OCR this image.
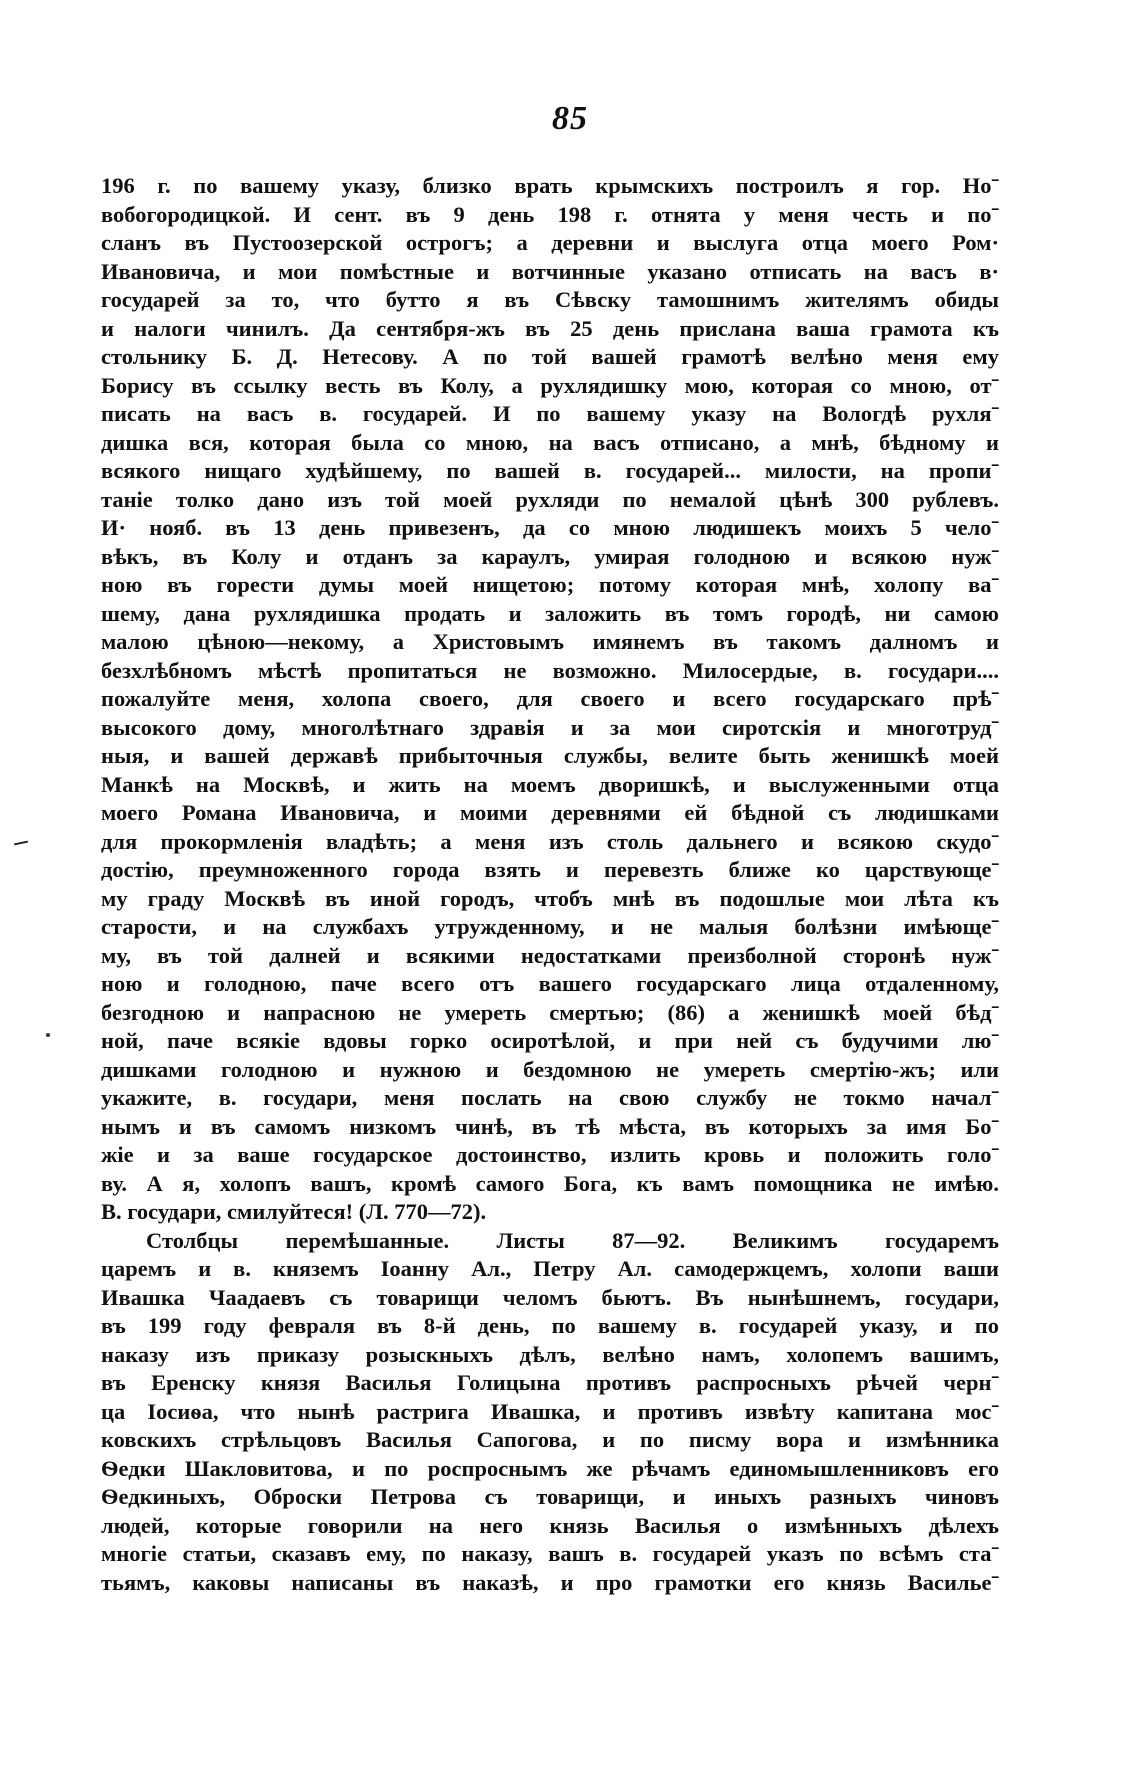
85
196 г. по вашему указу, близко врать крымскихъ построилъ я гор. Ноˉ
вобогородицкой. И сент. въ 9 день 198 г. отнята у меня честь и поˉ
сланъ въ Пустоозерской острогъ; а деревни и выслуга отца моего Ром·
Ивановича, и мои помѣстные и вотчинные указано отписать на васъ в·
государей за то, что бутто я въ Сѣвску тамошнимъ жителямъ обиды
и налоги чинилъ. Да сентября-жъ въ 25 день прислана ваша грамота къ
стольнику Б. Д. Нетесову. А по той вашей грамотѣ велѣно меня ему
Борису въ ссылку весть въ Колу, а рухлядишку мою, которая со мною, отˉ
писать на васъ в. государей. И по вашему указу на Вологдѣ рухляˉ
дишка вся, которая была со мною, на васъ отписано, а мнѣ, бѣдному и
всякого нищаго худѣйшему, по вашей в. государей... милости, на пропиˉ
таніе толко дано изъ той моей рухляди по немалой цѣнѣ 300 рублевъ.
И· нояб. въ 13 день привезенъ, да со мною людишекъ моихъ 5 челоˉ
вѣкъ, въ Колу и отданъ за караулъ, умирая голодною и всякою нужˉ
ною въ горести думы моей нищетою; потому которая мнѣ, холопу ваˉ
шему, дана рухлядишка продать и заложить въ томъ городѣ, ни самою
малою цѣною—некому, а Христовымъ имянемъ въ такомъ далномъ и
безхлѣбномъ мѣстѣ пропитаться не возможно. Милосердые, в. государи....
пожалуйте меня, холопа своего, для своего и всего государскаго прѣˉ
высокого дому, многолѣтнаго здравія и за мои сиротскія и многотрудˉ
ныя, и вашей державѣ прибыточныя службы, велите быть женишкѣ моей
Манкѣ на Москвѣ, и жить на моемъ дворишкѣ, и выслуженными отца
моего Романа Ивановича, и моими деревнями ей бѣдной съ людишками
для прокормленія владѣть; а меня изъ столь дальнего и всякою скудоˉ
достію, преумноженного города взять и перевезть ближе ко царствующеˉ
му граду Москвѣ въ иной городъ, чтобъ мнѣ въ подошлые мои лѣта къ
старости, и на службахъ утружденному, и не малыя болѣзни имѣющеˉ
му, въ той далней и всякими недостатками преизболной сторонѣ нужˉ
ною и голодною, паче всего отъ вашего государскаго лица отдаленному,
безгодною и напрасною не умереть смертью; (86) а женишкѣ моей бѣдˉ
ной, паче всякіе вдовы горко осиротѣлой, и при ней съ будучими люˉ
дишками голодною и нужною и бездомною не умереть смертію-жъ; или
укажите, в. государи, меня послать на свою службу не токмо началˉ
нымъ и въ самомъ низкомъ чинѣ, въ тѣ мѣста, въ которыхъ за имя Боˉ
жіе и за ваше государское достоинство, излить кровь и положить голоˉ
ву. А я, холопъ вашъ, кромѣ самого Бога, къ вамъ помощника не имѣю.
В. государи, смилуйтеся! (Л. 770—72).
Столбцы перемѣшанные. Листы 87—92. Великимъ государемъ
царемъ и в. княземъ Іоанну Ал., Петру Ал. самодержцемъ, холопи ваши
Ивашка Чаадаевъ съ товарищи челомъ бьютъ. Въ нынѣшнемъ, государи,
въ 199 году февраля въ 8-й день, по вашему в. государей указу, и по
наказу изъ приказу розыскныхъ дѣлъ, велѣно намъ, холопемъ вашимъ,
въ Еренску князя Василья Голицына противъ распросныхъ рѣчей чернˉ
ца Іосиѳа, что нынѣ растрига Ивашка, и противъ извѣту капитана мосˉ
ковскихъ стрѣльцовъ Василья Сапогова, и по писму вора и измѣнника
Ѳедки Шакловитова, и по роспроснымъ же рѣчамъ единомышленниковъ его
Ѳедкиныхъ, Оброски Петрова съ товарищи, и иныхъ разныхъ чиновъ
людей, которые говорили на него князь Василья о измѣнныхъ дѣлехъ
многіе статьи, сказавъ ему, по наказу, вашъ в. государей указъ по всѣмъ стаˉ
тьямъ, каковы написаны въ наказѣ, и про грамотки его князь Васильеˉ
